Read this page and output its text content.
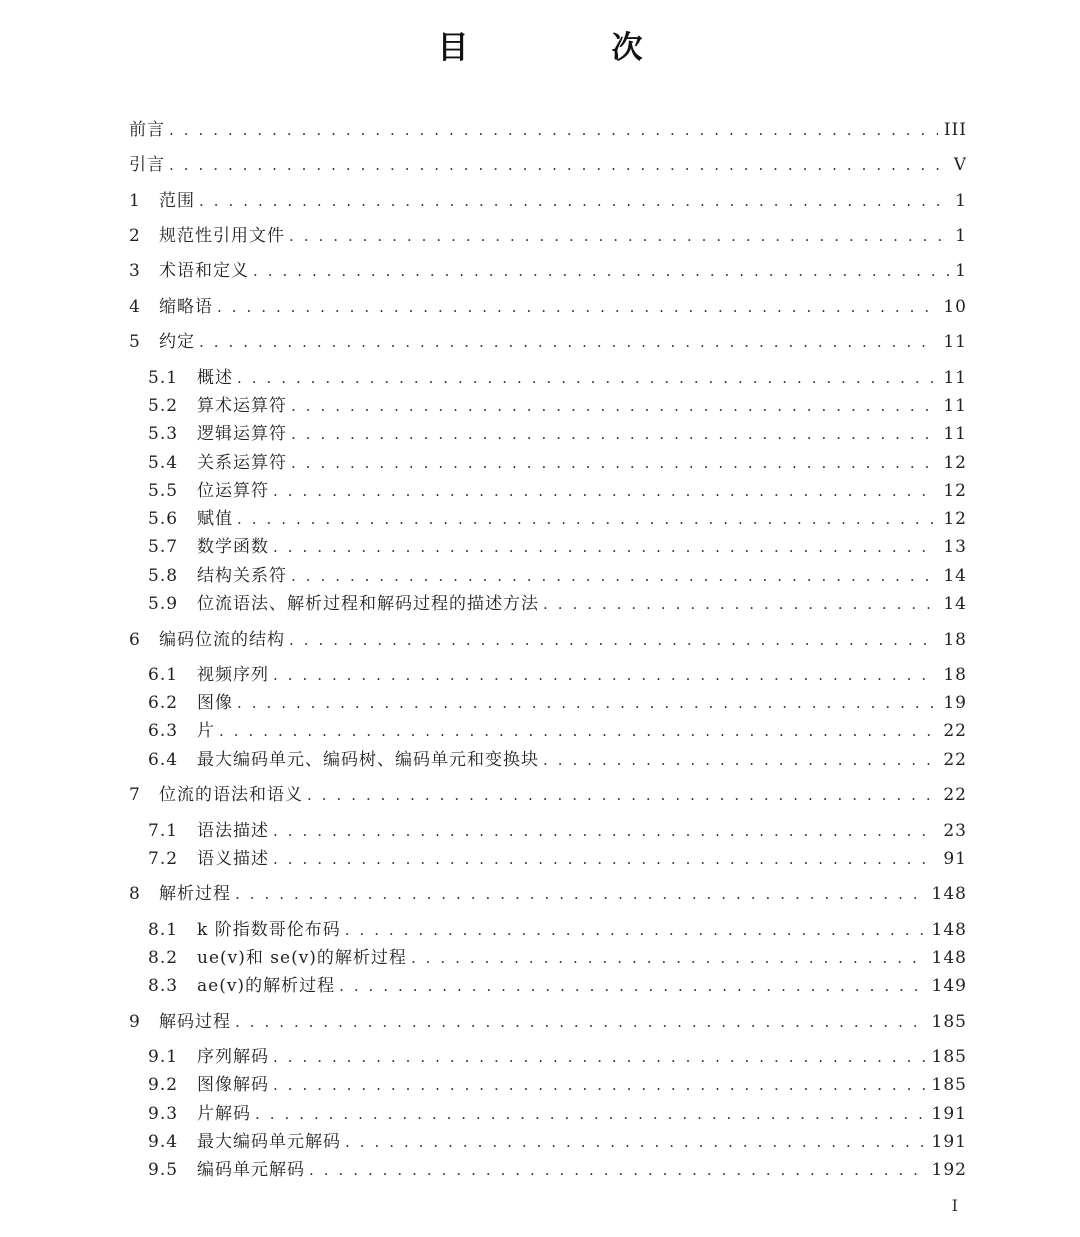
目　次
前言 . . .	III
引言 . . .	V
1	范围 . . .	1
2	规范性引用文件 . . .	1
3	术语和定义 . . .	1
4	缩略语 . . .	10
5	约定 . . .	11
5.1	概述 . . .	11
5.2	算术运算符 . . .	11
5.3	逻辑运算符 . . .	11
5.4	关系运算符 . . .	12
5.5	位运算符 . . .	12
5.6	赋值 . . .	12
5.7	数学函数 . . .	13
5.8	结构关系符 . . .	14
5.9	位流语法、解析过程和解码过程的描述方法 . . .	14
6	编码位流的结构 . . .	18
6.1	视频序列 . . .	18
6.2	图像 . . .	19
6.3	片 . . .	22
6.4	最大编码单元、编码树、编码单元和变换块 . . .	22
7	位流的语法和语义 . . .	22
7.1	语法描述 . . .	23
7.2	语义描述 . . .	91
8	解析过程 . . .	148
8.1	k 阶指数哥伦布码 . . .	148
8.2	ue(v)和 se(v)的解析过程 . . .	148
8.3	ae(v)的解析过程 . . .	149
9	解码过程 . . .	185
9.1	序列解码 . . .	185
9.2	图像解码 . . .	185
9.3	片解码 . . .	191
9.4	最大编码单元解码 . . .	191
9.5	编码单元解码 . . .	192
I
